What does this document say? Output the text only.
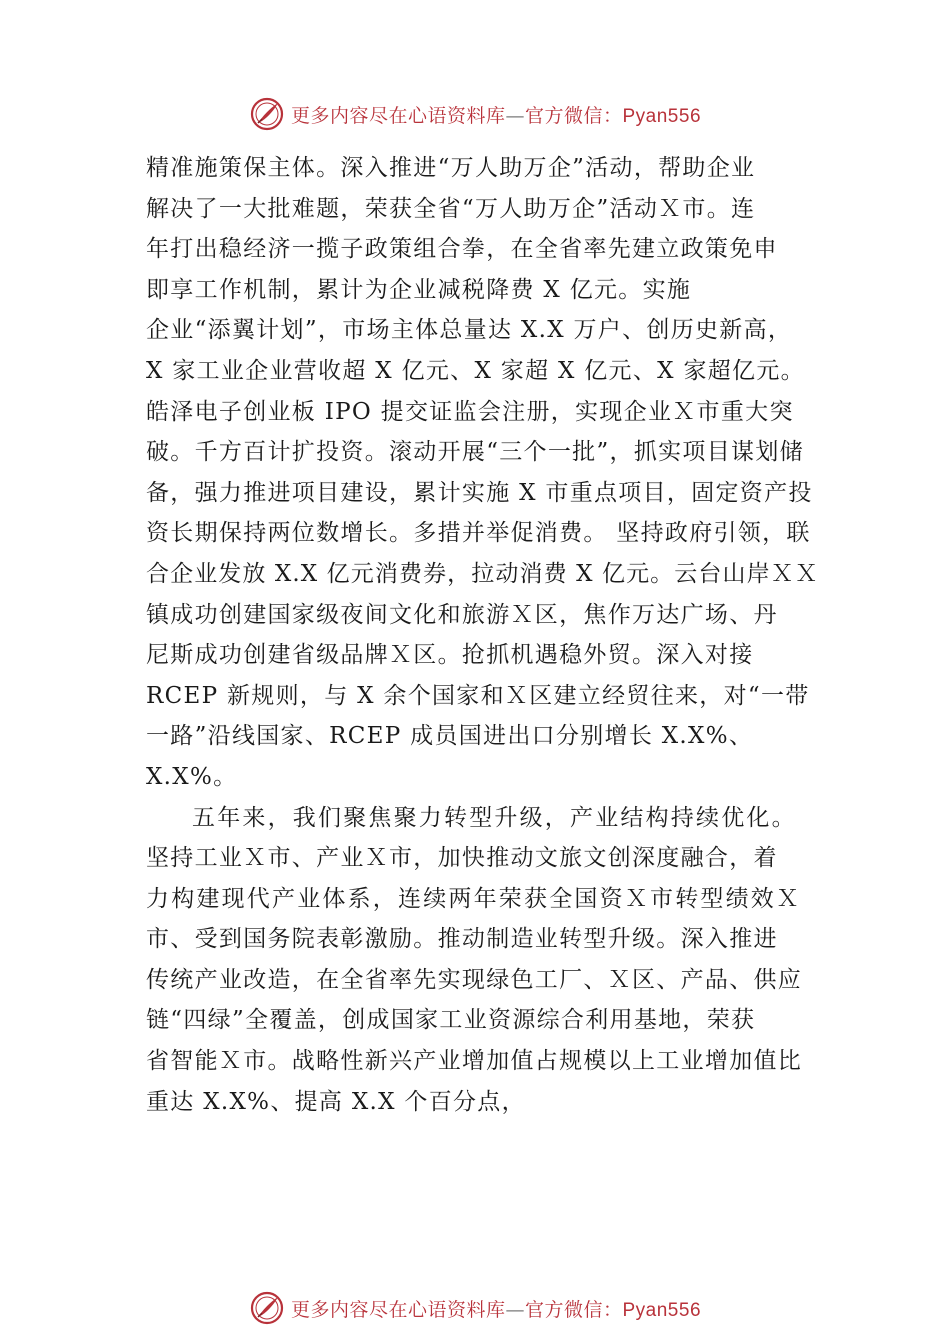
更多内容尽在心语资料库—官方微信：Pyan556
精准施策保主体。深入推进“万人助万企”活动，帮助企业
解决了一大批难题，荣获全省“万人助万企”活动Ｘ市。连
年打出稳经济一揽子政策组合拳，在全省率先建立政策免申
即享工作机制，累计为企业减税降费 X 亿元。实施
企业“添翼计划”，市场主体总量达 X.X 万户、创历史新高，
X 家工业企业营收超 X 亿元、X 家超 X 亿元、X 家超亿元。
皓泽电子创业板 IPO 提交证监会注册，实现企业Ｘ市重大突
破。千方百计扩投资。滚动开展“三个一批”，抓实项目谋划储
备，强力推进项目建设，累计实施 X 市重点项目，固定资产投
资长期保持两位数增长。多措并举促消费。 坚持政府引领，联
合企业发放 X.X 亿元消费券，拉动消费 X 亿元。云台山岸ＸＸ
镇成功创建国家级夜间文化和旅游Ｘ区，焦作万达广场、丹
尼斯成功创建省级品牌Ｘ区。抢抓机遇稳外贸。深入对接
RCEP 新规则，与 X 余个国家和Ｘ区建立经贸往来，对“一带
一路”沿线国家、RCEP 成员国进出口分别增长 X.X%、
X.X%。
五年来，我们聚焦聚力转型升级，产业结构持续优化。
坚持工业Ｘ市、产业Ｘ市，加快推动文旅文创深度融合，着
力构建现代产业体系，连续两年荣获全国资Ｘ市转型绩效Ｘ
市、受到国务院表彰激励。推动制造业转型升级。深入推进
传统产业改造，在全省率先实现绿色工厂、Ｘ区、产品、供应
链“四绿”全覆盖，创成国家工业资源综合利用基地，荣获
省智能Ｘ市。战略性新兴产业增加值占规模以上工业增加值比
重达 X.X%、提高 X.X 个百分点，
更多内容尽在心语资料库—官方微信：Pyan556
